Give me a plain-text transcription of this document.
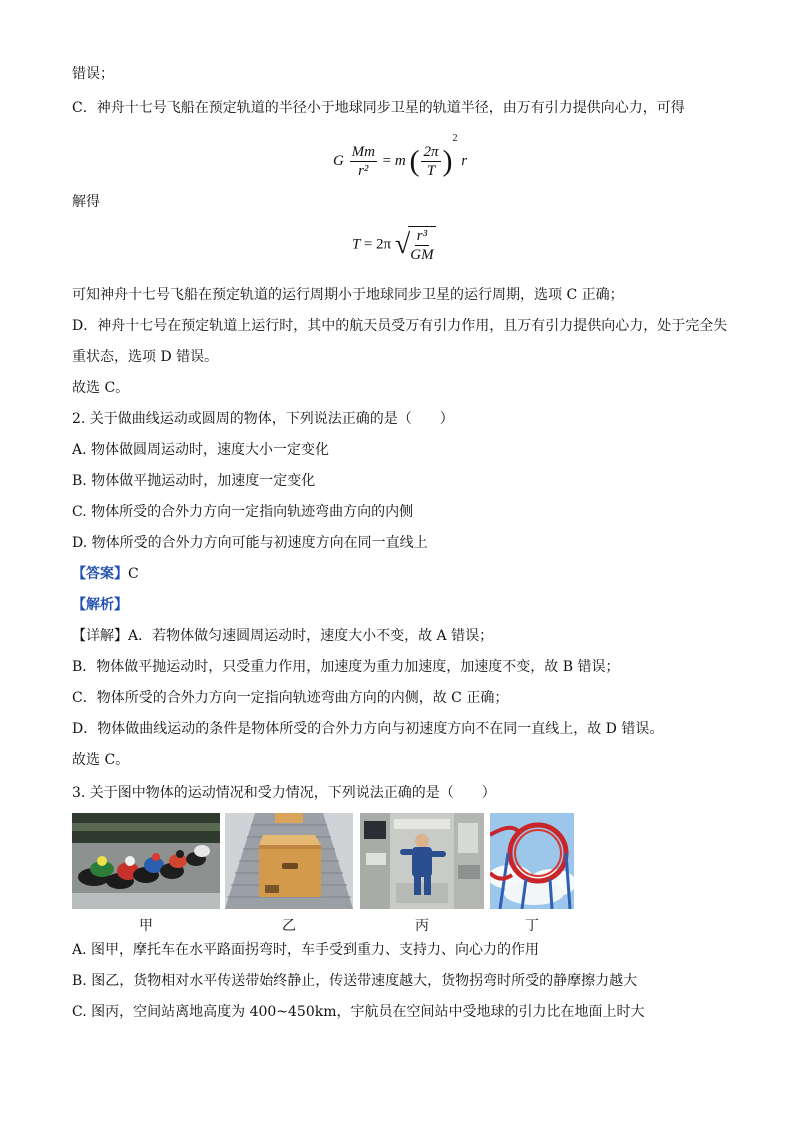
错误；
C．神舟十七号飞船在预定轨道的半径小于地球同步卫星的轨道半径，由万有引力提供向心力，可得
G $\frac{Mm}{\text{r²}} = m$ ( $\frac{2\pi}{T} )^2$ r
解得
T = 2π √
$\frac{\text{r³}}{GM}$
可知神舟十七号飞船在预定轨道的运行周期小于地球同步卫星的运行周期，选项 C 正确；
D．神舟十七号在预定轨道上运行时，其中的航天员受万有引力作用，且万有引力提供向心力，处于完全失
重状态，选项 D 错误。
故选 C。
2. 关于做曲线运动或圆周的物体，下列说法正确的是（　　）
A. 物体做圆周运动时，速度大小一定变化
B. 物体做平抛运动时，加速度一定变化
C. 物体所受的合外力方向一定指向轨迹弯曲方向的内侧
D. 物体所受的合外力方向可能与初速度方向在同一直线上
【答案】C
【解析】
【详解】A．若物体做匀速圆周运动时，速度大小不变，故 A 错误；
B．物体做平抛运动时，只受重力作用，加速度为重力加速度，加速度不变，故 B 错误；
C．物体所受的合外力方向一定指向轨迹弯曲方向的内侧，故 C 正确；
D．物体做曲线运动的条件是物体所受的合外力方向与初速度方向不在同一直线上，故 D 错误。
故选 C。
3. 关于图中物体的运动情况和受力情况，下列说法正确的是（　　）
甲	乙	丙	丁
A. 图甲，摩托车在水平路面拐弯时，车手受到重力、支持力、向心力的作用
B. 图乙，货物相对水平传送带始终静止，传送带速度越大，货物拐弯时所受的静摩擦力越大
C. 图丙，空间站离地高度为 400~450km，宇航员在空间站中受地球的引力比在地面上时大
